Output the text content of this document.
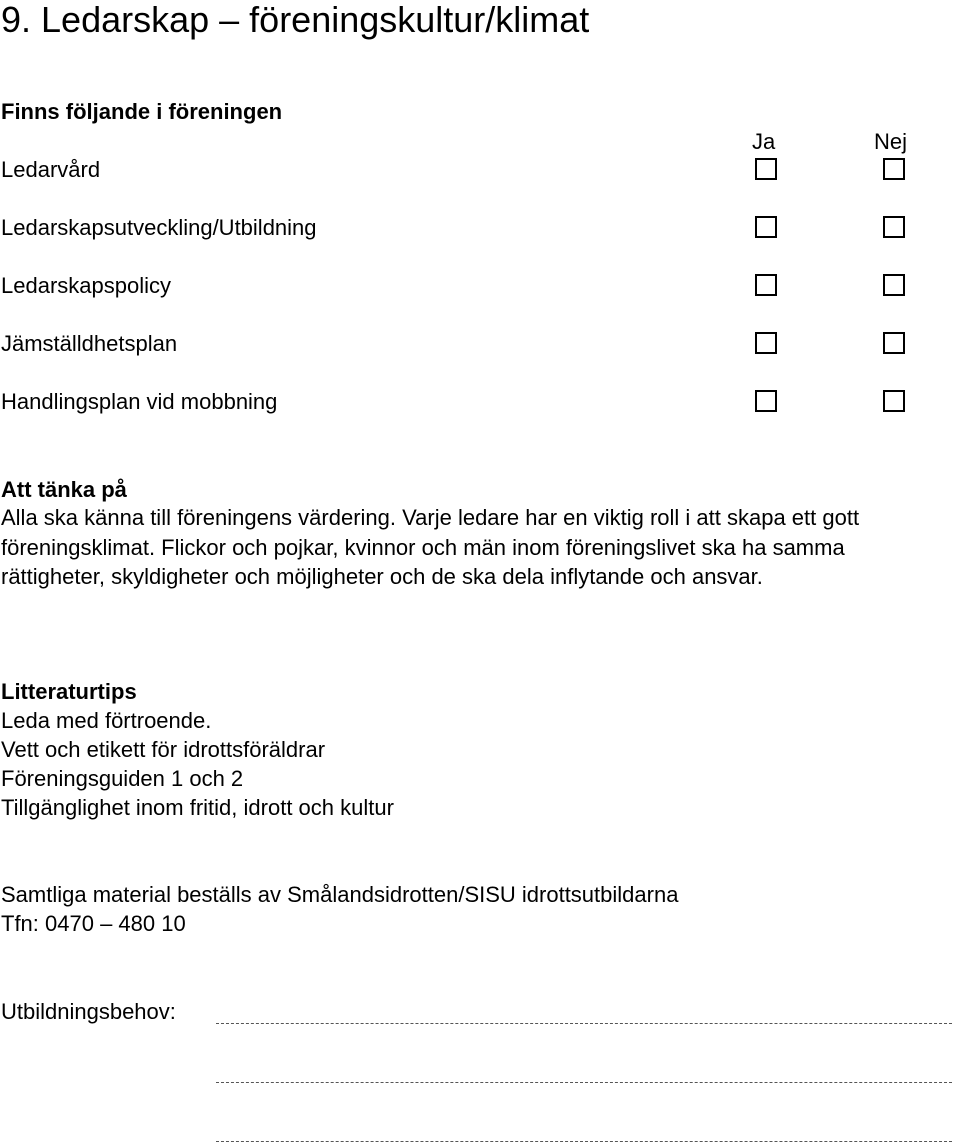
9. Ledarskap – föreningskultur/klimat
Finns följande i föreningen
Ja	Nej
Ledarvård
Ledarskapsutveckling/Utbildning
Ledarskapspolicy
Jämställdhetsplan
Handlingsplan vid mobbning
Att tänka på
Alla ska känna till föreningens värdering. Varje ledare har en viktig roll i att skapa ett gott föreningsklimat. Flickor och pojkar, kvinnor och män inom föreningslivet ska ha samma rättigheter, skyldigheter och möjligheter och de ska dela inflytande och ansvar.
Litteraturtips
Leda med förtroende.
Vett och etikett för idrottsföräldrar
Föreningsguiden 1 och 2
Tillgänglighet inom fritid, idrott och kultur
Samtliga material beställs av Smålandsidrotten/SISU idrottsutbildarna
Tfn: 0470 – 480 10
Utbildningsbehov:
